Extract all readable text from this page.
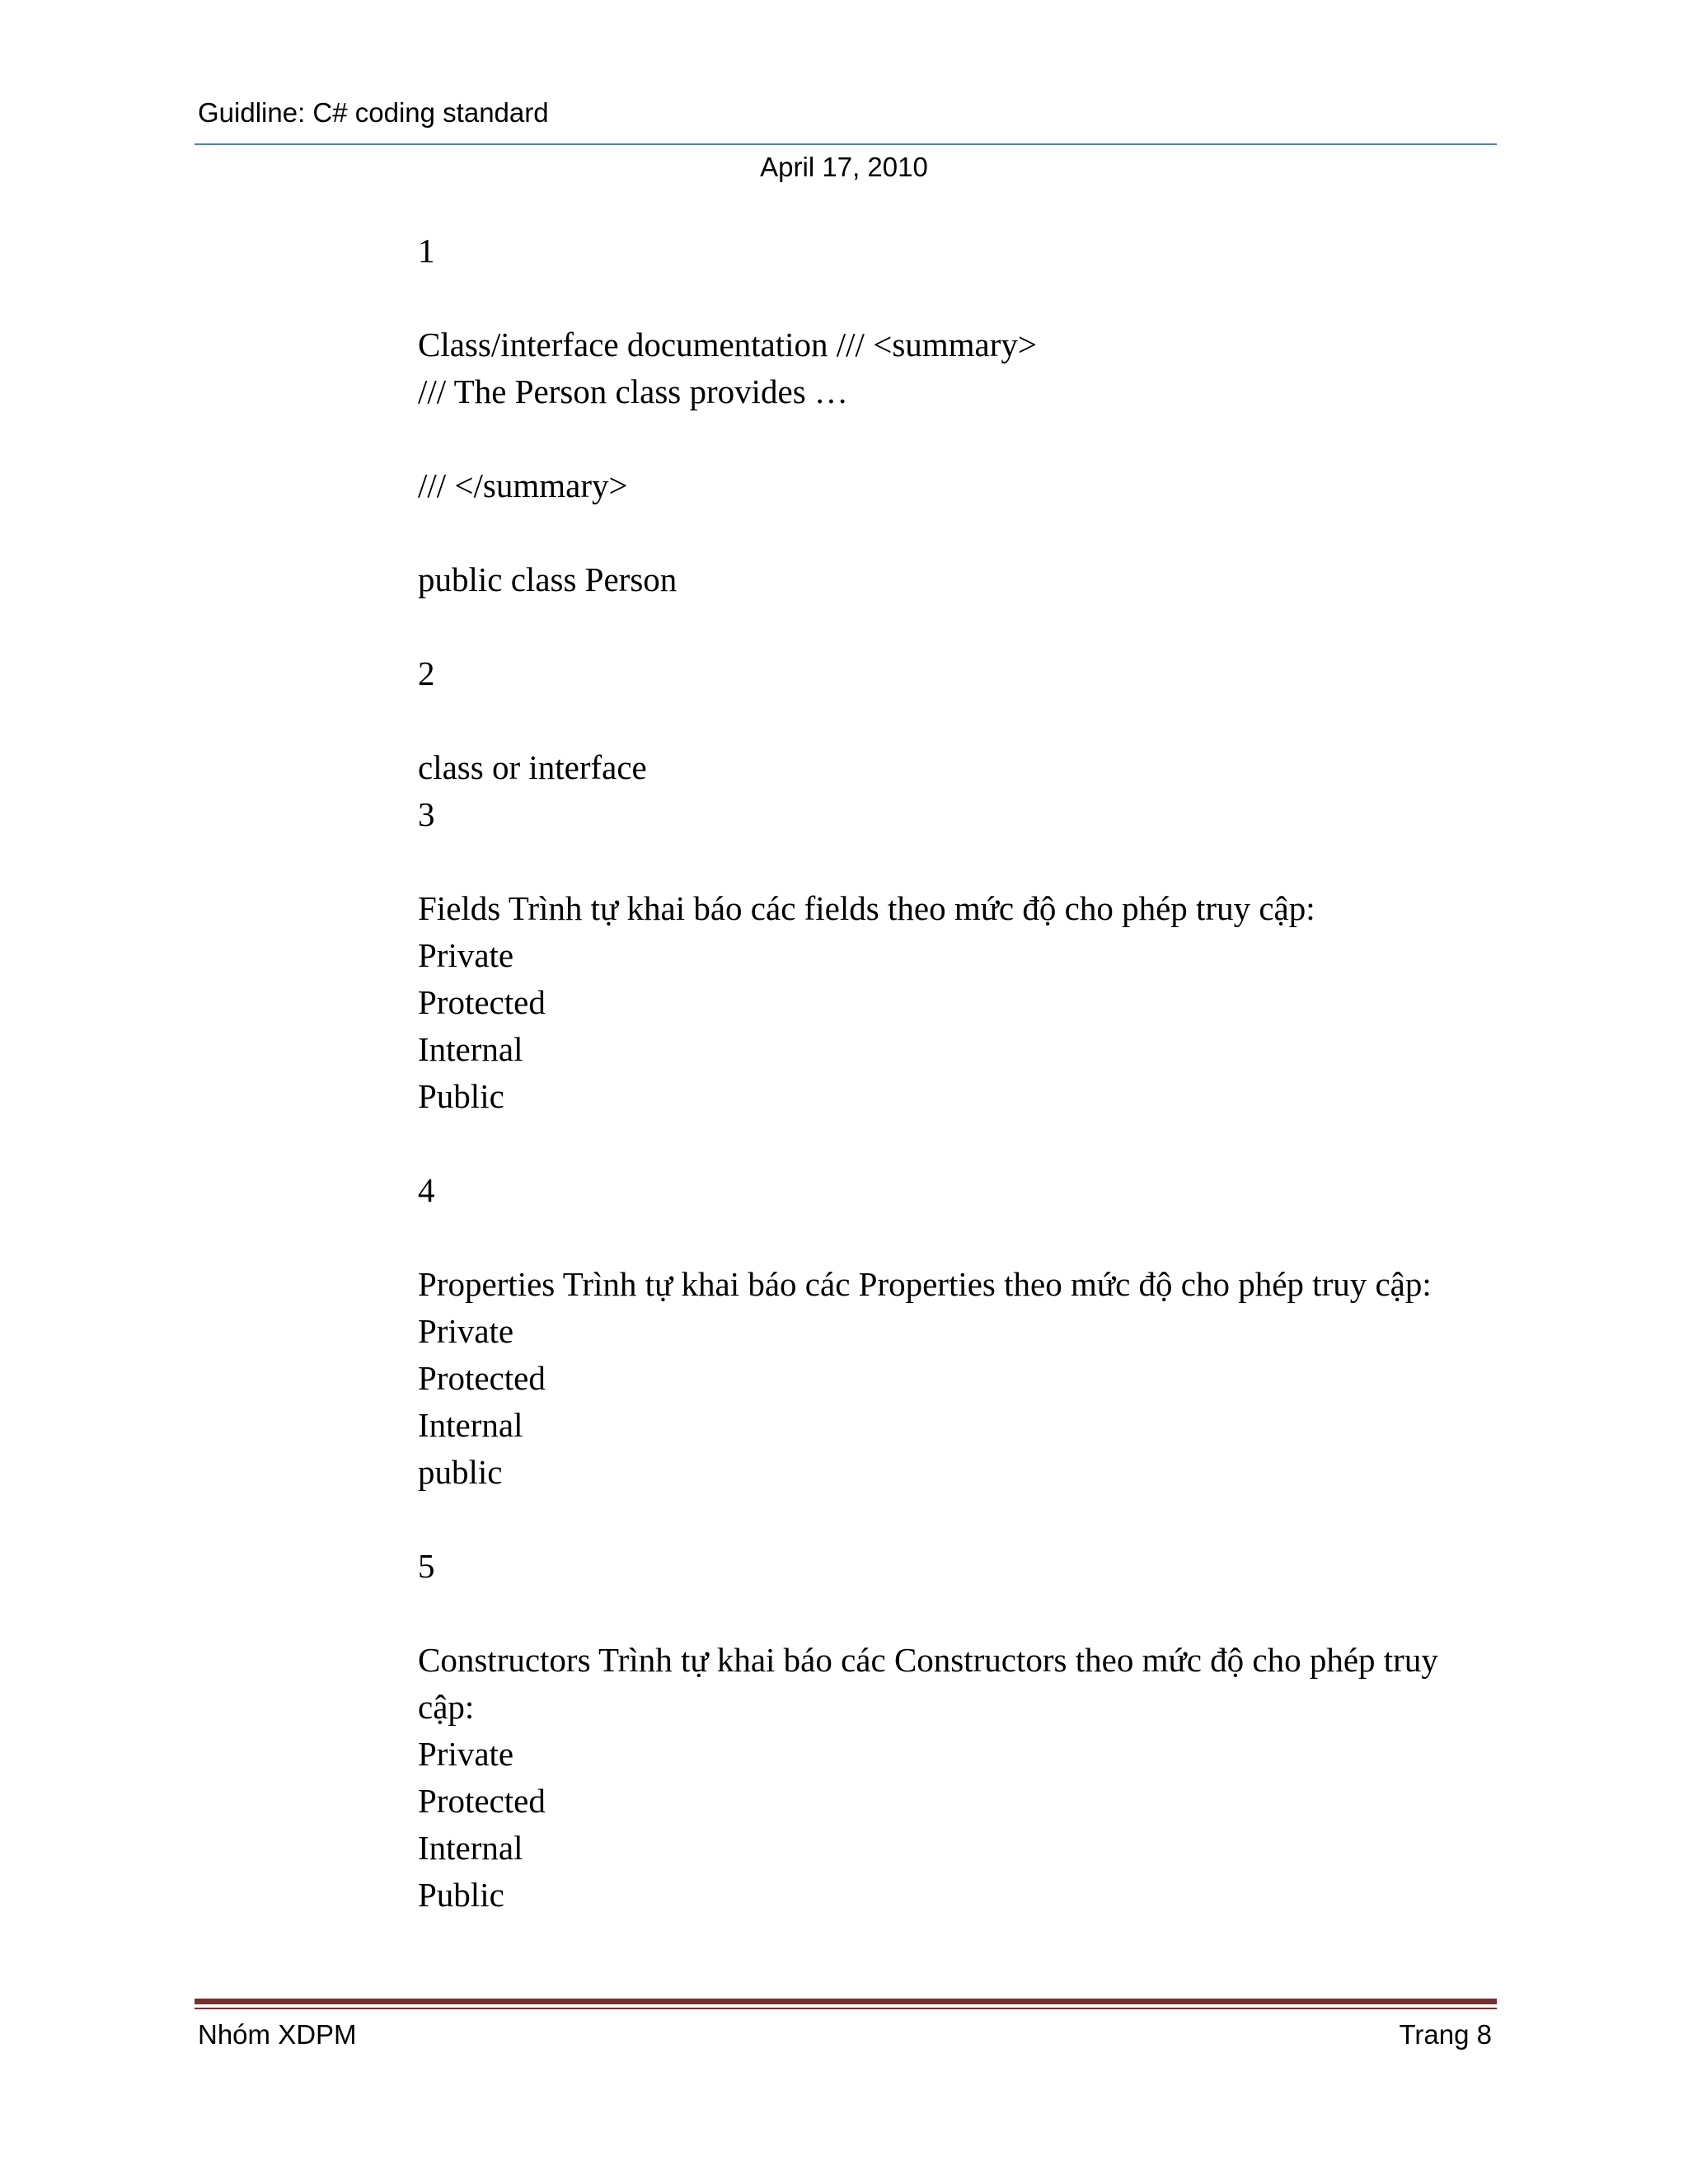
Guidline: C# coding standard
April 17, 2010
1
Class/interface documentation /// <summary>
/// The Person class provides …
/// </summary>
public class Person
2
class or interface
3
Fields Trình tự khai báo các fields theo mức độ cho phép truy cập:
Private
Protected
Internal
Public
4
Properties Trình tự khai báo các Properties theo mức độ cho phép truy cập:
Private
Protected
Internal
public
5
Constructors Trình tự khai báo các Constructors theo mức độ cho phép truy cập:
Private
Protected
Internal
Public
Nhóm XDPM	Trang 8
